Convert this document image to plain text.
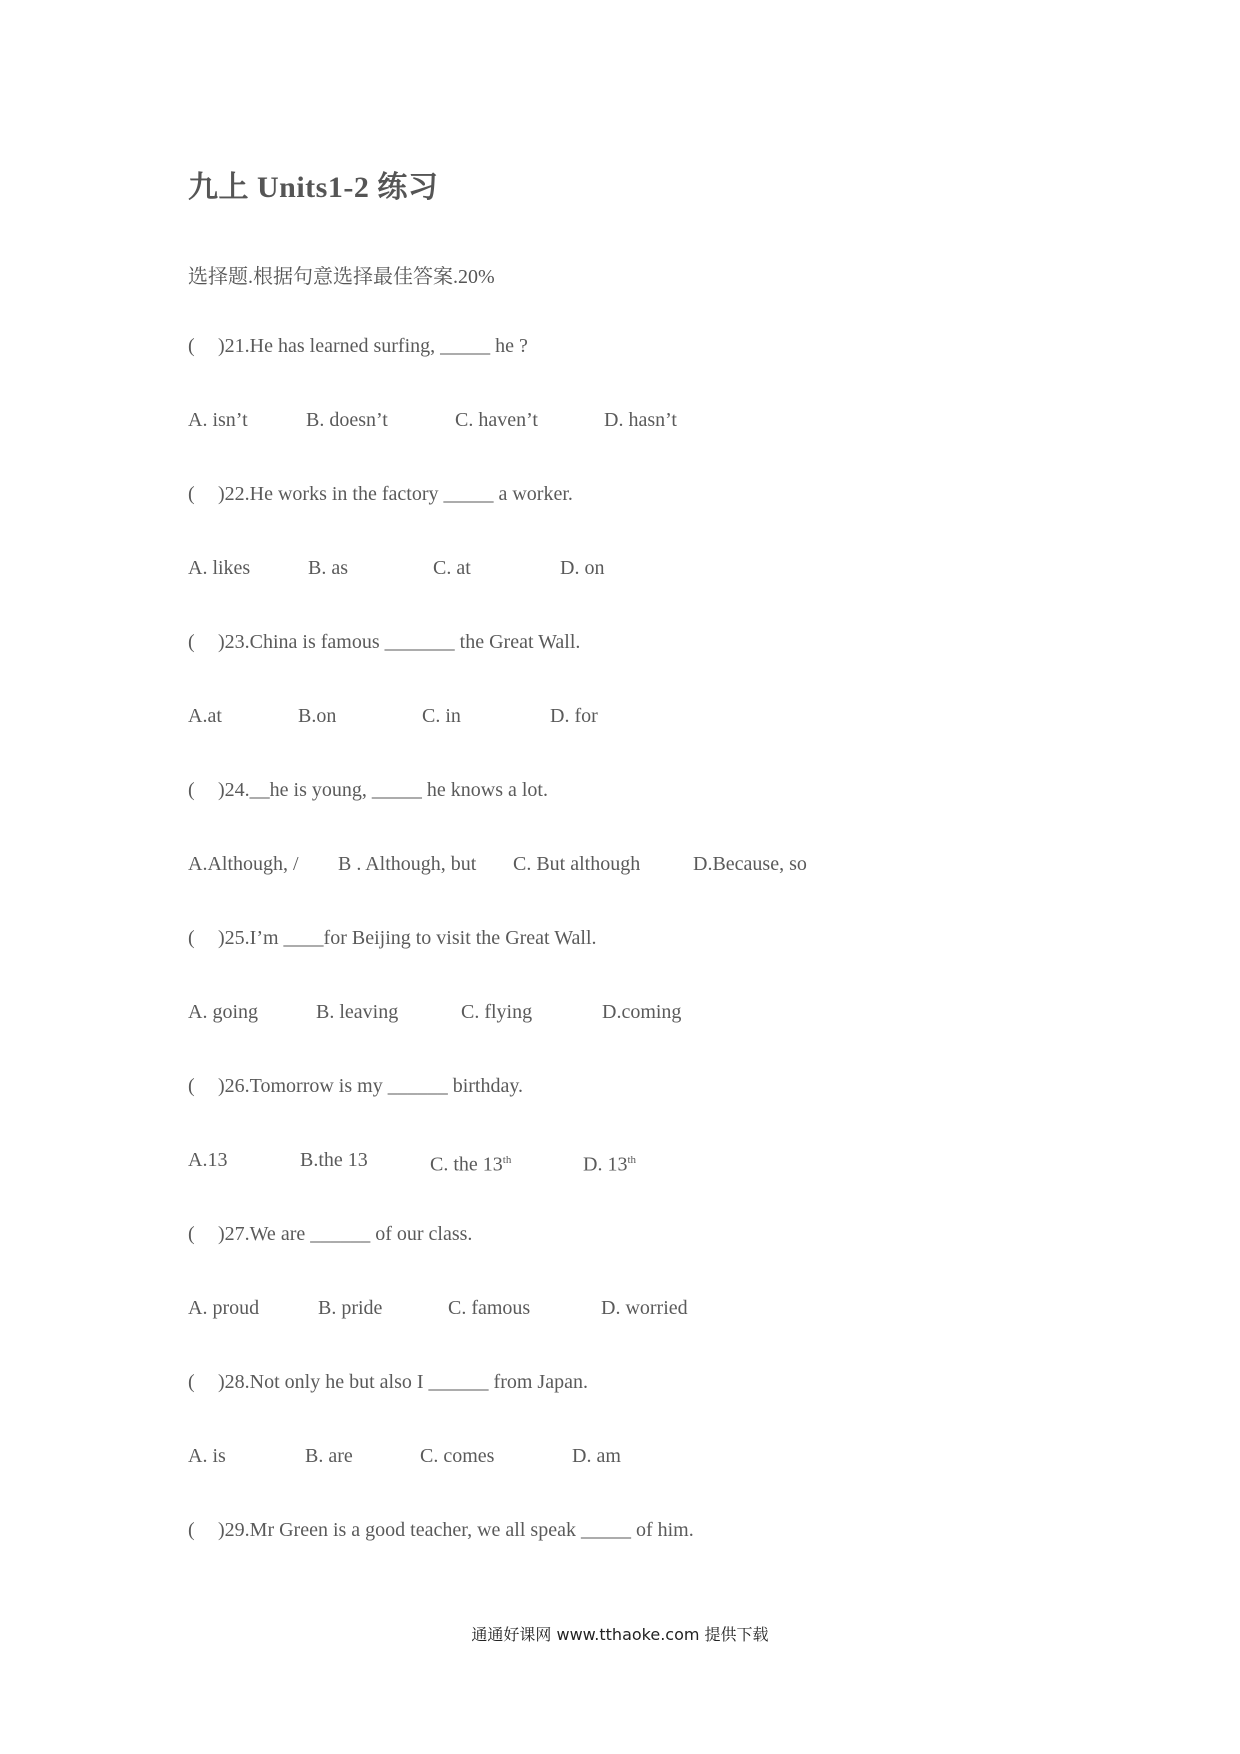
九上 Units1-2 练习
选择题.根据句意选择最佳答案.20%
( )21.He has learned surfing, _____ he ?
A. isn’t	B. doesn’t	C. haven’t	D. hasn’t
( )22.He works in the factory _____ a worker.
A. likes	B. as	C. at	D. on
( )23.China is famous _______ the Great Wall.
A.at	B.on	C. in	D. for
( )24.__he is young, _____ he knows a lot.
A.Although, / B . Although, but C. But although	D.Because, so
( )25.I’m ____for Beijing to visit the Great Wall.
A. going	B. leaving	C. flying	D.coming
( )26.Tomorrow is my ______ birthday.
A.13	B.the 13	C. the 13th	D. 13th
( )27.We are ______ of our class.
A. proud	B. pride	C. famous	D. worried
( )28.Not only he but also I ______ from Japan.
A. is	B. are	C. comes	D. am
( )29.Mr Green is a good teacher, we all speak _____ of him.
通通好课网 www.tthaoke.com 提供下载
